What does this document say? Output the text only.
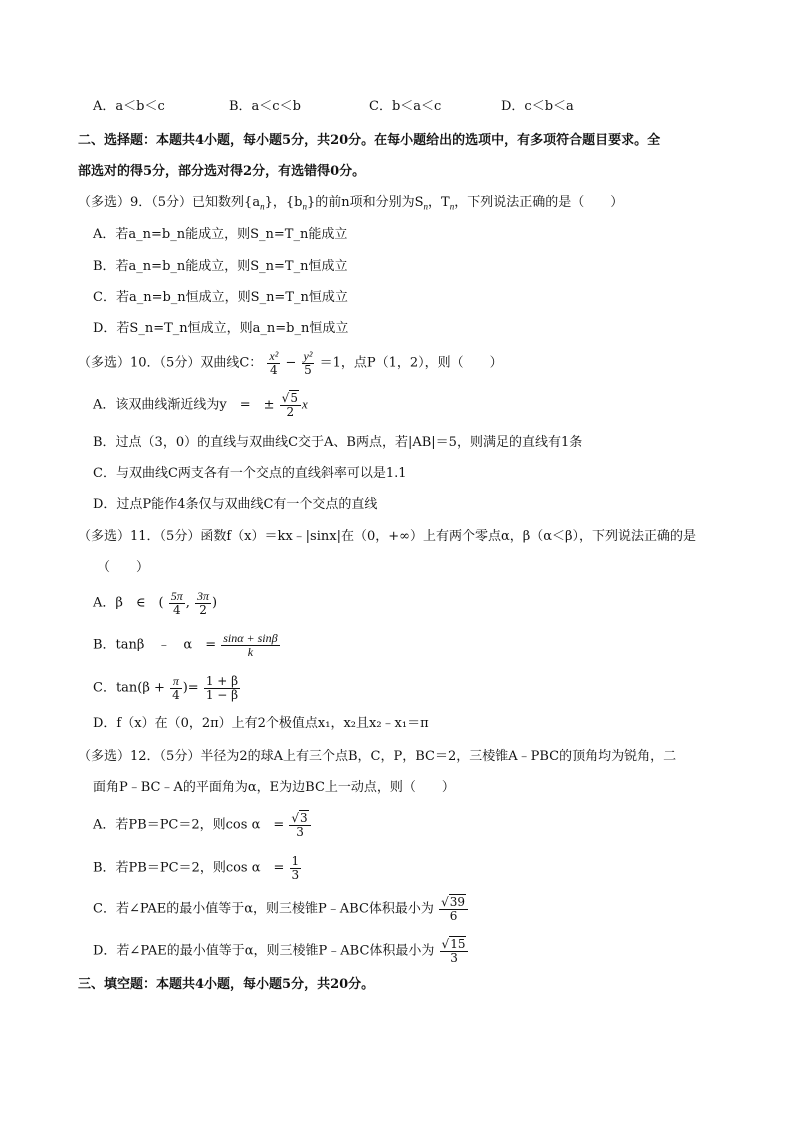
A．a＜b＜c	B．a＜c＜b	C．b＜a＜c	D．c＜b＜a
二、选择题：本题共4小题，每小题5分，共20分。在每小题给出的选项中，有多项符合题目要求。全
部选对的得5分，部分选对得2分，有选错得0分。
（多选）9．（5分）已知数列$\{a_n\}$，$\{b_n\}$的前n项和分别为$S_n$，$T_n$，下列说法正确的是（　　）
A．若a_n=b_n能成立，则S_n=T_n能成立
B．若a_n=b_n能成立，则S_n=T_n恒成立
C．若a_n=b_n恒成立，则S_n=T_n恒成立
D．若S_n=T_n恒成立，则a_n=b_n恒成立
（多选）10．（5分）双曲线C： $\frac{\text{x²}}{4} - \frac{\text{y²}}{5} =1$，点P（1，2），则（　　）
A．该双曲线渐近线为y　=　± $\frac{√5}{2}$ x
B．过点（3，0）的直线与双曲线C交于A、B两点，若|AB|＝5，则满足的直线有1条
C．与双曲线C两支各有一个交点的直线斜率可以是1.1
D．过点P能作4条仅与双曲线C有一个交点的直线
（多选）11．（5分）函数f（x）＝kx﹣|sinx|在（0，+∞）上有两个零点α，β（α＜β），下列说法正确的是
（　　）
A．β　∈　( $\frac{5\pi}{4}$ , $\frac{3\pi}{2}$ )
B．tanβ　﹣　α　= $\frac{\sin\alpha + \sin\beta}{k}$
C．$\tan(\beta + \frac{\pi}{4}$ )= $\frac{1 + \beta}{1 - \beta}$
D．f（x）在（0，2π）上有2个极值点x₁，x₂且x₂﹣x₁＝π
（多选）12．（5分）半径为2的球A上有三个点B，C，P，BC＝2，三棱锥A﹣PBC的顶角均为锐角，二
面角P﹣BC﹣A的平面角为α，E为边BC上一动点，则（　　）
A．若PB＝PC＝2，则cos α　= $\frac{√3}{3}$
B．若PB＝PC＝2，则cos α　= $\frac{1}{3}$
C．若∠PAE的最小值等于α，则三棱锥P﹣ABC体积最小为 $\frac{√39}{6}$
D．若∠PAE的最小值等于α，则三棱锥P﹣ABC体积最小为 $\frac{√15}{3}$
三、填空题：本题共4小题，每小题5分，共20分。
